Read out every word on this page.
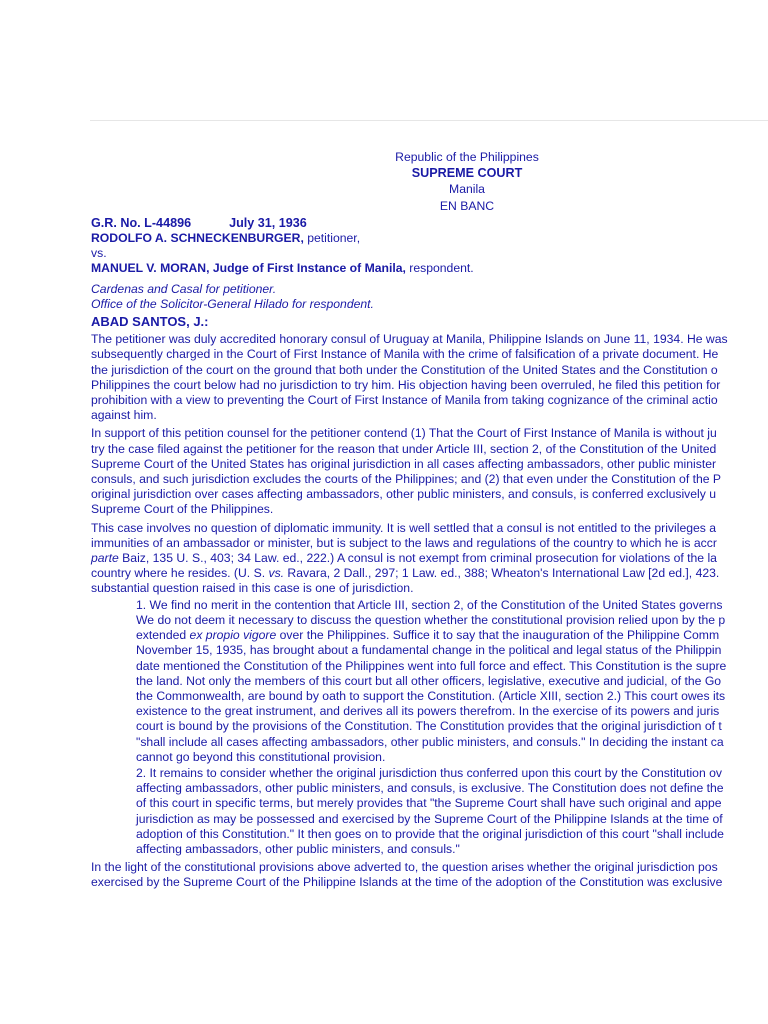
Republic of the Philippines
SUPREME COURT
Manila
EN BANC
G.R. No. L-44896	July 31, 1936
RODOLFO A. SCHNECKENBURGER, petitioner,
vs.
MANUEL V. MORAN, Judge of First Instance of Manila, respondent.
Cardenas and Casal for petitioner.
Office of the Solicitor-General Hilado for respondent.
ABAD SANTOS, J.:
The petitioner was duly accredited honorary consul of Uruguay at Manila, Philippine Islands on June 11, 1934. He was
subsequently charged in the Court of First Instance of Manila with the crime of falsification of a private document. He
the jurisdiction of the court on the ground that both under the Constitution of the United States and the Constitution o
Philippines the court below had no jurisdiction to try him. His objection having been overruled, he filed this petition for
prohibition with a view to preventing the Court of First Instance of Manila from taking cognizance of the criminal actio
against him.
In support of this petition counsel for the petitioner contend (1) That the Court of First Instance of Manila is without ju
try the case filed against the petitioner for the reason that under Article III, section 2, of the Constitution of the United
Supreme Court of the United States has original jurisdiction in all cases affecting ambassadors, other public minister
consuls, and such jurisdiction excludes the courts of the Philippines; and (2) that even under the Constitution of the P
original jurisdiction over cases affecting ambassadors, other public ministers, and consuls, is conferred exclusively u
Supreme Court of the Philippines.
This case involves no question of diplomatic immunity. It is well settled that a consul is not entitled to the privileges a
immunities of an ambassador or minister, but is subject to the laws and regulations of the country to which he is accr
parte Baiz, 135 U. S., 403; 34 Law. ed., 222.) A consul is not exempt from criminal prosecution for violations of the la
country where he resides. (U. S. vs. Ravara, 2 Dall., 297; 1 Law. ed., 388; Wheaton's International Law [2d ed.], 423.
substantial question raised in this case is one of jurisdiction.
1. We find no merit in the contention that Article III, section 2, of the Constitution of the United States governs
We do not deem it necessary to discuss the question whether the constitutional provision relied upon by the p
extended ex propio vigore over the Philippines. Suffice it to say that the inauguration of the Philippine Comm
November 15, 1935, has brought about a fundamental change in the political and legal status of the Philippin
date mentioned the Constitution of the Philippines went into full force and effect. This Constitution is the supre
the land. Not only the members of this court but all other officers, legislative, executive and judicial, of the Go
the Commonwealth, are bound by oath to support the Constitution. (Article XIII, section 2.) This court owes its
existence to the great instrument, and derives all its powers therefrom. In the exercise of its powers and juris
court is bound by the provisions of the Constitution. The Constitution provides that the original jurisdiction of t
"shall include all cases affecting ambassadors, other public ministers, and consuls." In deciding the instant ca
cannot go beyond this constitutional provision.
2. It remains to consider whether the original jurisdiction thus conferred upon this court by the Constitution ov
affecting ambassadors, other public ministers, and consuls, is exclusive. The Constitution does not define the
of this court in specific terms, but merely provides that "the Supreme Court shall have such original and appe
jurisdiction as may be possessed and exercised by the Supreme Court of the Philippine Islands at the time of
adoption of this Constitution." It then goes on to provide that the original jurisdiction of this court "shall include
affecting ambassadors, other public ministers, and consuls."
In the light of the constitutional provisions above adverted to, the question arises whether the original jurisdiction pos
exercised by the Supreme Court of the Philippine Islands at the time of the adoption of the Constitution was exclusive
